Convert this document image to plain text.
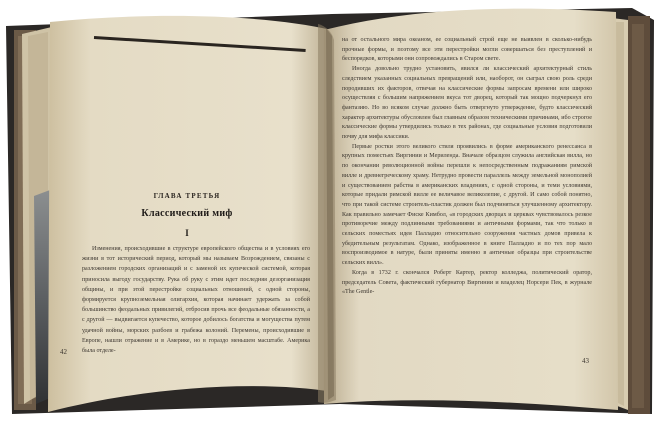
ГЛАВА ТРЕТЬЯ
Классический миф
I
Изменения, происходившие в структуре европейского общества и в условиях его жизни в тот исторический период, который мы называем Возрождением, связаны с разложением городских организаций и с заменой их купеческой системой, которая приносила выгоду государству. Рука об руку с этим идет последняя дезорганизация общины, и при этой перестройке социальных отношений, с одной стороны, формируется крупноземельная олигархия, которая начинает удержать за собой большинство феодальных привилегий, отбросив прочь все феодальные обязанности, а с другой — выдвигается купечество, которое добилось богатства и могущества путем удачной войны, морских разбоев и грабежа колоний. Перемены, происходившие в Европе, нашли отражение и в Америке, но в гораздо меньшем масштабе. Америка была отделе-
42

на от остального мира океаном, ее социальный строй еще не выявлен в сколько-нибудь прочные формы, и поэтому все эти перестройки могли совершаться без преступлений и беспорядков, которыми они сопровождались в Старом свете.

Иногда довольно трудно установить, явился ли классический архитектурный стиль следствием указанных социальных превращений или, наоборот, он сыграл свою роль среди породивших их факторов, отвечая на классические формы запросам времени или широко осуществляя с большим напряжением вкуса тот дворец, который так мощно подчеркнул его фантазию. Но во всяком случае должно быть отвергнуто утверждение, будто классический характер архитектуры обусловлен был главным образом техническими причинами, ибо строгое классические формы утвердились только в тех районах, где социальные условия подготовили почву для мифа классики.

Первые ростки этого великого стиля проявились в форме американского ренессанса в крупных поместьях Виргинии и Мериленда. Вначале образцом служила английская вилла, но по окончании революционной войны перешли к непосредственным подражаниям римской вилле и древнегреческому храму. Нетрудно провести параллель между земельной монополией и существованием рабства в американских владениях, с одной стороны, и теми условиями, которые придали римской вилле ее величавое великолепие, с другой. И само собой понятно, что при такой системе строитель-пластик должен был подчиняться улучшенному архитектору. Как правильно замечает Фиске Кимбол, «в городских дворцах и церквах чувствовалось резкое противоречие между подлинными требованиями и античными формами, так что только в сельских поместьях идея Палладио относительно сооружения частных домов привела к убедительным результатам. Однако, изображенное в книге Палладио и по тех пор мало воспроизводимое в натуре, были приняты именно в античные образцы при строительстве сельских вилл».

Когда в 1732 г. скончался Роберт Картер, ректор колледжа, политический оратор, председатель Совета, фактический губернатор Виргинии и владелец Норсери Пек, в журнале «The Gentle-

43
